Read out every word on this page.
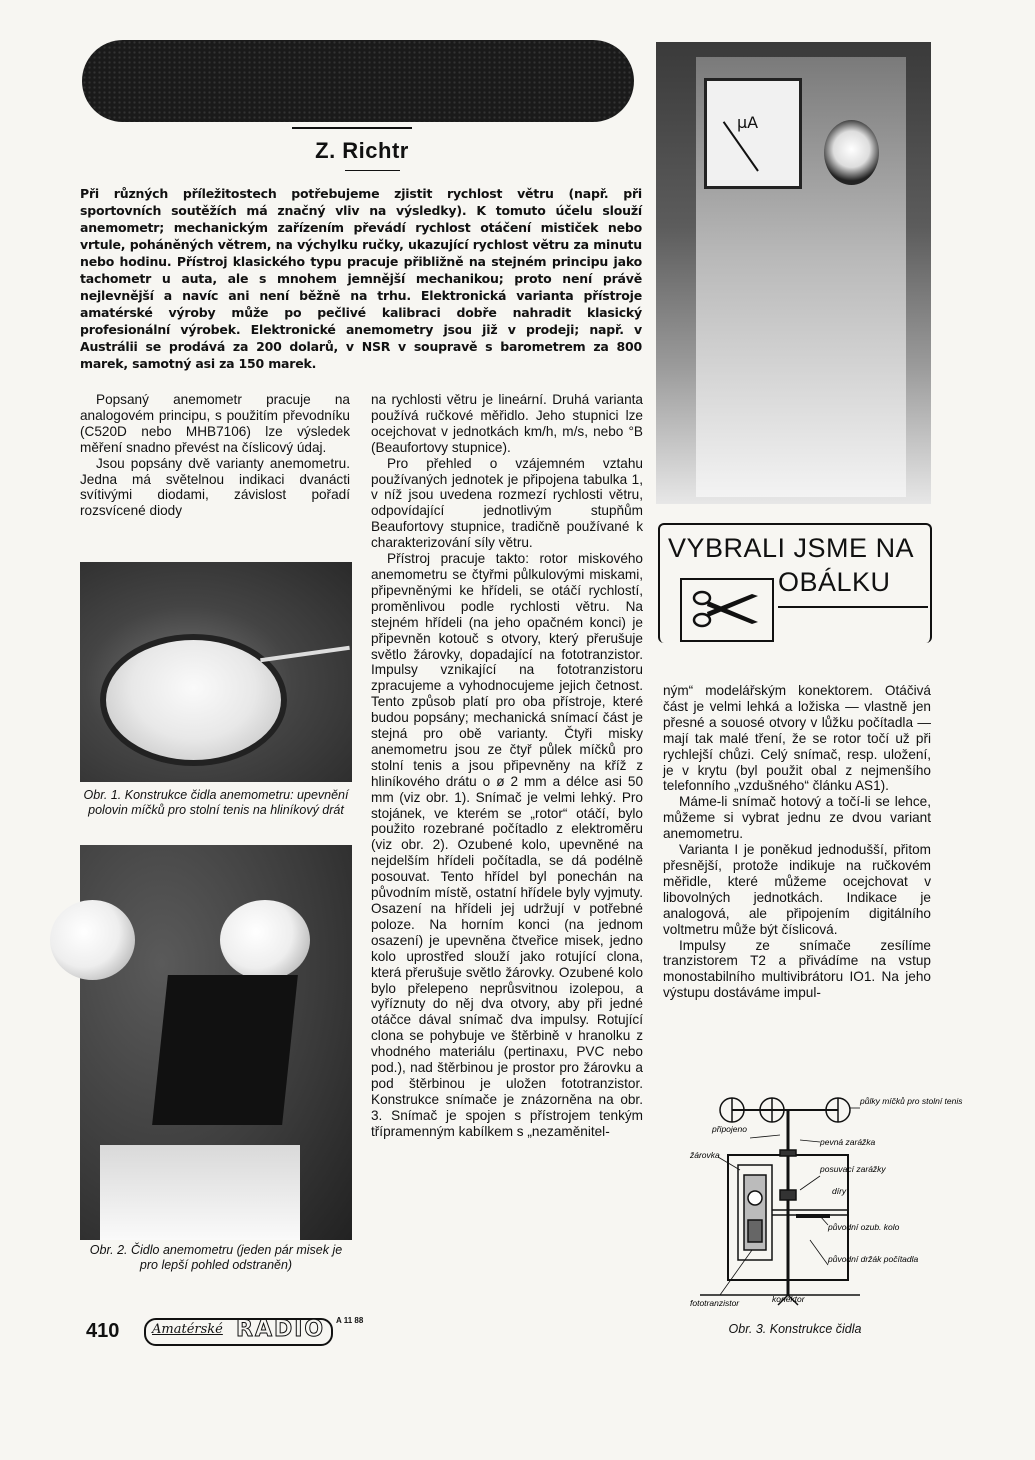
Z. Richtr
Při různých příležitostech potřebujeme zjistit rychlost větru (např. při sportovních soutěžích má značný vliv na výsledky). K tomuto účelu slouží anemometr; mechanickým zařízením převádí rychlost otáčení mističek nebo vrtule, poháněných větrem, na výchylku ručky, ukazující rychlost větru za minutu nebo hodinu. Přístroj klasického typu pracuje přibližně na stejném principu jako tachometr u auta, ale s mnohem jemnější mechanikou; proto není právě nejlevnější a navíc ani není běžně na trhu. Elektronická varianta přístroje amatérské výroby může po pečlivé kalibraci dobře nahradit klasický profesionální výrobek. Elektronické anemometry jsou již v prodeji; např. v Austrálii se prodává za 200 dolarů, v NSR v soupravě s barometrem za 800 marek, samotný asi za 150 marek.

Popsaný anemometr pracuje na analogovém principu, s použitím převodníku (C520D nebo MHB7106) lze výsledek měření snadno převést na číslicový údaj.

Jsou popsány dvě varianty anemometru. Jedna má světelnou indikaci dvanácti svítivými diodami, závislost pořadí rozsvícené diody

Obr. 1. Konstrukce čidla anemometru: upevnění polovin míčků pro stolní tenis na hliníkový drát
Obr. 2. Čidlo anemometru (jeden pár misek je pro lepší pohled odstraněn)

na rychlosti větru je lineární. Druhá varianta používá ručkové měřidlo. Jeho stupnici lze ocejchovat v jednotkách km/h, m/s, nebo °B (Beaufortovy stupnice).

Pro přehled o vzájemném vztahu používaných jednotek je připojena tabulka 1, v níž jsou uvedena rozmezí rychlosti větru, odpovídající jednotlivým stupňům Beaufortovy stupnice, tradičně používané k charakterizování síly větru.

Přístroj pracuje takto: rotor miskového anemometru se čtyřmi půlkulovými miskami, připevněnými ke hřídeli, se otáčí rychlostí, proměnlivou podle rychlosti větru. Na stejném hřídeli (na jeho opačném konci) je připevněn kotouč s otvory, který přerušuje světlo žárovky, dopadající na fototranzistor. Impulsy vznikající na fototranzistoru zpracujeme a vyhodnocujeme jejich četnost. Tento způsob platí pro oba přístroje, které budou popsány; mechanická snímací část je stejná pro obě varianty. Čtyři misky anemometru jsou ze čtyř půlek míčků pro stolní tenis a jsou připevněny na kříž z hliníkového drátu o ø 2 mm a délce asi 50 mm (viz obr. 1). Snímač je velmi lehký. Pro stojánek, ve kterém se „rotor“ otáčí, bylo použito rozebrané počítadlo z elektroměru (viz obr. 2). Ozubené kolo, upevněné na nejdelším hřídeli počítadla, se dá podélně posouvat. Tento hřídel byl ponechán na původním místě, ostatní hřídele byly vyjmuty. Osazení na hřídeli jej udržují v potřebné poloze. Na horním konci (na jednom osazení) je upevněna čtveřice misek, jedno kolo uprostřed slouží jako rotující clona, která přerušuje světlo žárovky. Ozubené kolo bylo přelepeno neprůsvitnou izolepou, a vyříznuty do něj dva otvory, aby při jedné otáčce dával snímač dva impulsy. Rotující clona se pohybuje ve štěrbině v hranolku z vhodného materiálu (pertinaxu, PVC nebo pod.), nad štěrbinou je prostor pro žárovku a pod štěrbinou je uložen fototranzistor. Konstrukce snímače je znázorněna na obr. 3. Snímač je spojen s přístrojem tenkým třípramenným kabílkem s „nezaměnitel-

μA
VYBRALI JSME NA
OBÁLKU

ným“ modelářským konektorem. Otáčivá část je velmi lehká a ložiska — vlastně jen přesné a souosé otvory v lůžku počítadla — mají tak malé tření, že se rotor točí už při rychlejší chůzi. Celý snímač, resp. uložení, je v krytu (byl použit obal z nejmenšího telefonního „vzdušného“ článku AS1).

Máme-li snímač hotový a točí-li se lehce, můžeme si vybrat jednu ze dvou variant anemometru.

Varianta I je poněkud jednodušší, přitom přesnější, protože indikuje na ručkovém měřidle, které můžeme ocejchovat v libovolných jednotkách. Indikace je analogová, ale připojením digitálního voltmetru může být číslicová.

Impulsy ze snímače zesílíme tranzistorem T2 a přivádíme na vstup monostabilního multivibrátoru IO1. Na jeho výstupu dostáváme impul-

půlky míčků pro stolní tenis
připojeno
pevná zarážka
žárovka
posuvací zarážky
díry
původní ozub. kolo
původní držák počítadla
fototranzistor	konektor
Obr. 3. Konstrukce čidla
410	Amatérské RADIO A 11 88
